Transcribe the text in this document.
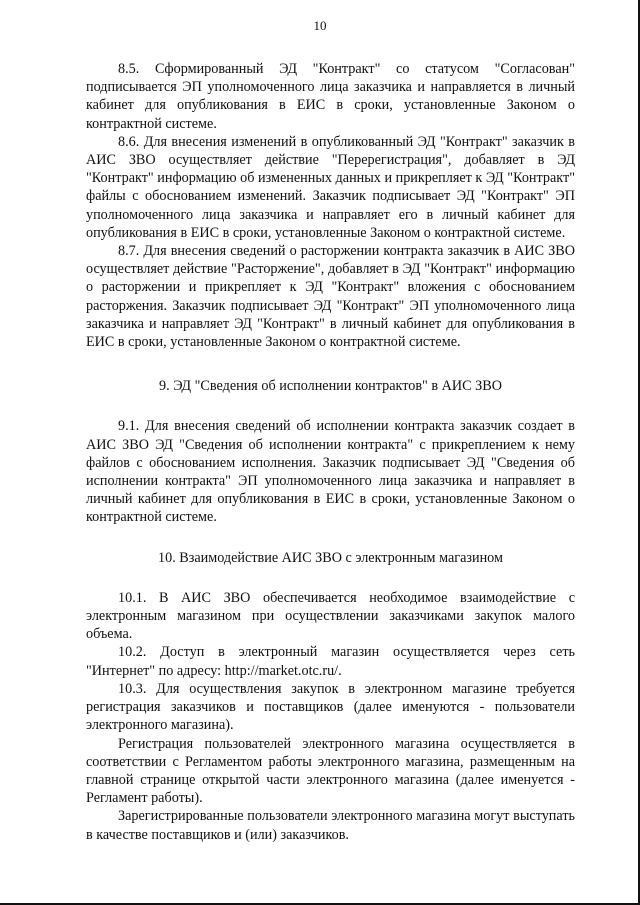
10

8.5. Сформированный ЭД "Контракт" со статусом "Согласован" подписывается ЭП уполномоченного лица заказчика и направляется в личный кабинет для опубликования в ЕИС в сроки, установленные Законом о контрактной системе.

8.6. Для внесения изменений в опубликованный ЭД "Контракт" заказчик в АИС ЗВО осуществляет действие "Перерегистрация", добавляет в ЭД "Контракт" информацию об измененных данных и прикрепляет к ЭД "Контракт" файлы с обоснованием изменений. Заказчик подписывает ЭД "Контракт" ЭП уполномоченного лица заказчика и направляет его в личный кабинет для опубликования в ЕИС в сроки, установленные Законом о контрактной системе.

8.7. Для внесения сведений о расторжении контракта заказчик в АИС ЗВО осуществляет действие "Расторжение", добавляет в ЭД "Контракт" информацию о расторжении и прикрепляет к ЭД "Контракт" вложения с обоснованием расторжения. Заказчик подписывает ЭД "Контракт" ЭП уполномоченного лица заказчика и направляет ЭД "Контракт" в личный кабинет для опубликования в ЕИС в сроки, установленные Законом о контрактной системе.

9. ЭД "Сведения об исполнении контрактов" в АИС ЗВО

9.1. Для внесения сведений об исполнении контракта заказчик создает в АИС ЗВО ЭД "Сведения об исполнении контракта" с прикреплением к нему файлов с обоснованием исполнения. Заказчик подписывает ЭД "Сведения об исполнении контракта" ЭП уполномоченного лица заказчика и направляет в личный кабинет для опубликования в ЕИС в сроки, установленные Законом о контрактной системе.

10. Взаимодействие АИС ЗВО с электронным магазином

10.1. В АИС ЗВО обеспечивается необходимое взаимодействие с электронным магазином при осуществлении заказчиками закупок малого объема.

10.2. Доступ в электронный магазин осуществляется через сеть "Интернет" по адресу: http://market.otc.ru/.

10.3. Для осуществления закупок в электронном магазине требуется регистрация заказчиков и поставщиков (далее именуются - пользователи электронного магазина).

Регистрация пользователей электронного магазина осуществляется в соответствии с Регламентом работы электронного магазина, размещенным на главной странице открытой части электронного магазина (далее именуется - Регламент работы).

Зарегистрированные пользователи электронного магазина могут выступать в качестве поставщиков и (или) заказчиков.
